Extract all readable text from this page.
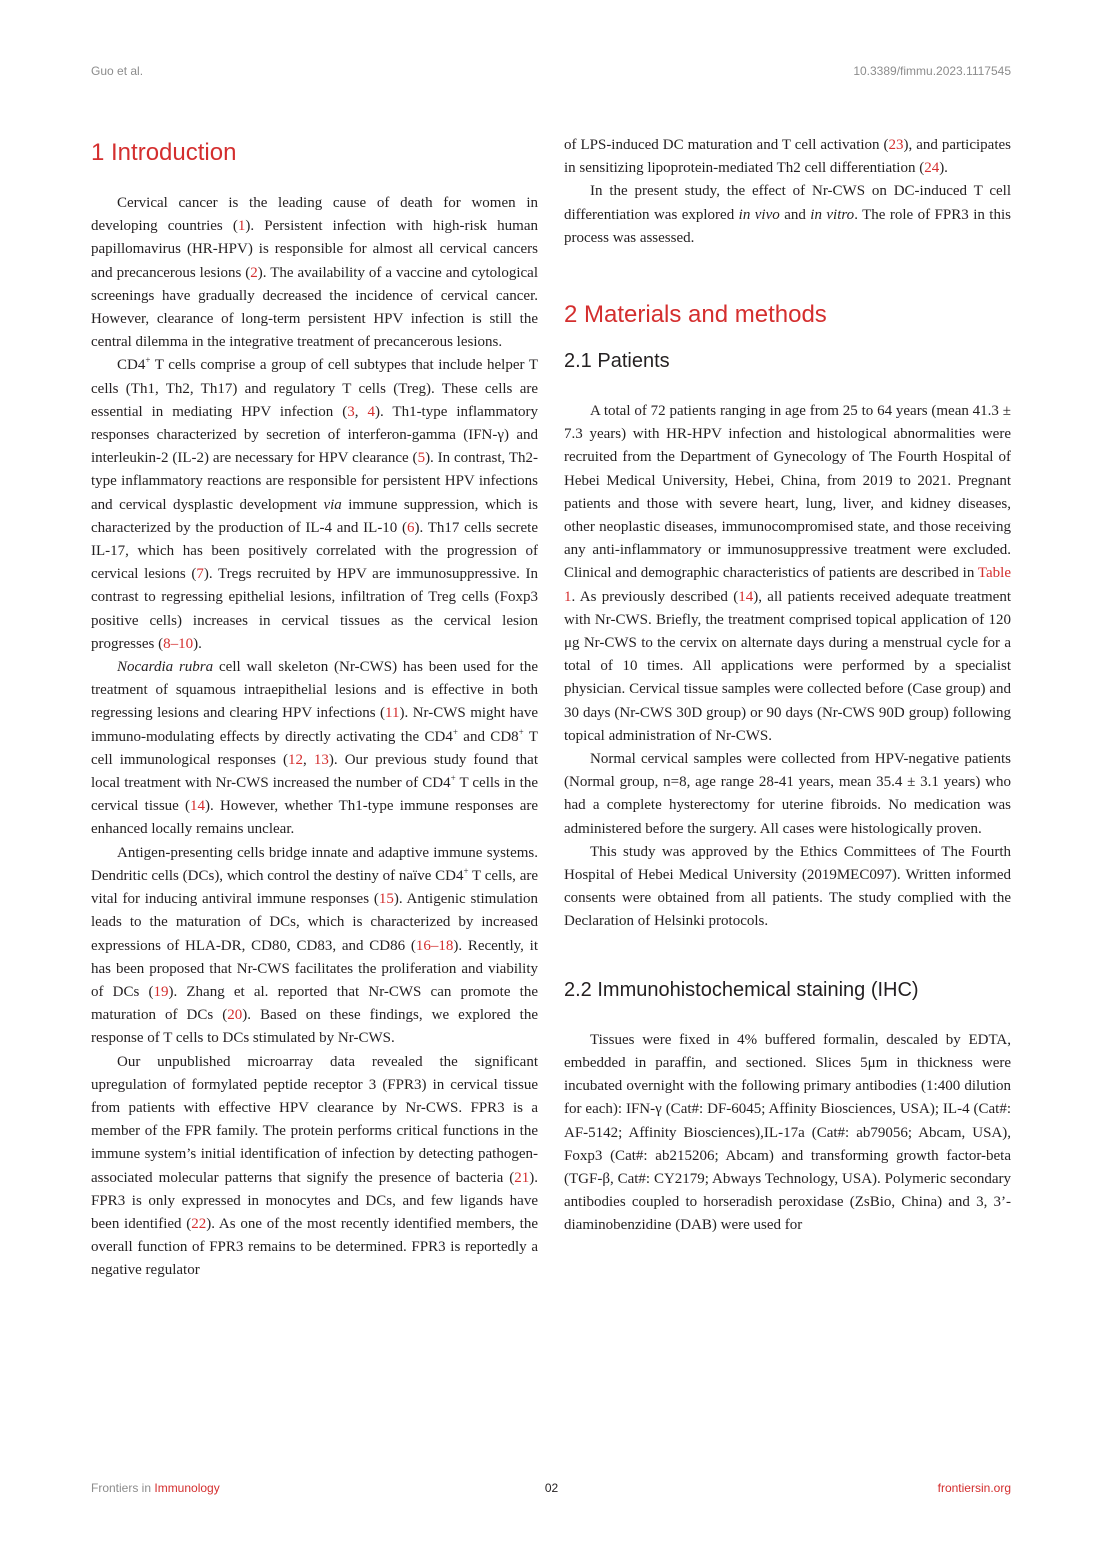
Guo et al.	10.3389/fimmu.2023.1117545
1 Introduction

Cervical cancer is the leading cause of death for women in developing countries (1). Persistent infection with high-risk human papillomavirus (HR-HPV) is responsible for almost all cervical cancers and precancerous lesions (2). The availability of a vaccine and cytological screenings have gradually decreased the incidence of cervical cancer. However, clearance of long-term persistent HPV infection is still the central dilemma in the integrative treatment of precancerous lesions.

CD4+ T cells comprise a group of cell subtypes that include helper T cells (Th1, Th2, Th17) and regulatory T cells (Treg). These cells are essential in mediating HPV infection (3, 4). Th1-type inflammatory responses characterized by secretion of interferon-gamma (IFN-γ) and interleukin-2 (IL-2) are necessary for HPV clearance (5). In contrast, Th2-type inflammatory reactions are responsible for persistent HPV infections and cervical dysplastic development via immune suppression, which is characterized by the production of IL-4 and IL-10 (6). Th17 cells secrete IL-17, which has been positively correlated with the progression of cervical lesions (7). Tregs recruited by HPV are immunosuppressive. In contrast to regressing epithelial lesions, infiltration of Treg cells (Foxp3 positive cells) increases in cervical tissues as the cervical lesion progresses (8–10).

Nocardia rubra cell wall skeleton (Nr-CWS) has been used for the treatment of squamous intraepithelial lesions and is effective in both regressing lesions and clearing HPV infections (11). Nr-CWS might have immuno-modulating effects by directly activating the CD4+ and CD8+ T cell immunological responses (12, 13). Our previous study found that local treatment with Nr-CWS increased the number of CD4+ T cells in the cervical tissue (14). However, whether Th1-type immune responses are enhanced locally remains unclear.

Antigen-presenting cells bridge innate and adaptive immune systems. Dendritic cells (DCs), which control the destiny of naïve CD4+ T cells, are vital for inducing antiviral immune responses (15). Antigenic stimulation leads to the maturation of DCs, which is characterized by increased expressions of HLA-DR, CD80, CD83, and CD86 (16–18). Recently, it has been proposed that Nr-CWS facilitates the proliferation and viability of DCs (19). Zhang et al. reported that Nr-CWS can promote the maturation of DCs (20). Based on these findings, we explored the response of T cells to DCs stimulated by Nr-CWS.

Our unpublished microarray data revealed the significant upregulation of formylated peptide receptor 3 (FPR3) in cervical tissue from patients with effective HPV clearance by Nr-CWS. FPR3 is a member of the FPR family. The protein performs critical functions in the immune system’s initial identification of infection by detecting pathogen-associated molecular patterns that signify the presence of bacteria (21). FPR3 is only expressed in monocytes and DCs, and few ligands have been identified (22). As one of the most recently identified members, the overall function of FPR3 remains to be determined. FPR3 is reportedly a negative regulator

of LPS-induced DC maturation and T cell activation (23), and participates in sensitizing lipoprotein-mediated Th2 cell differentiation (24).

In the present study, the effect of Nr-CWS on DC-induced T cell differentiation was explored in vivo and in vitro. The role of FPR3 in this process was assessed.

2 Materials and methods
2.1 Patients

A total of 72 patients ranging in age from 25 to 64 years (mean 41.3 ± 7.3 years) with HR-HPV infection and histological abnormalities were recruited from the Department of Gynecology of The Fourth Hospital of Hebei Medical University, Hebei, China, from 2019 to 2021. Pregnant patients and those with severe heart, lung, liver, and kidney diseases, other neoplastic diseases, immunocompromised state, and those receiving any anti-inflammatory or immunosuppressive treatment were excluded. Clinical and demographic characteristics of patients are described in Table 1. As previously described (14), all patients received adequate treatment with Nr-CWS. Briefly, the treatment comprised topical application of 120 μg Nr-CWS to the cervix on alternate days during a menstrual cycle for a total of 10 times. All applications were performed by a specialist physician. Cervical tissue samples were collected before (Case group) and 30 days (Nr-CWS 30D group) or 90 days (Nr-CWS 90D group) following topical administration of Nr-CWS.

Normal cervical samples were collected from HPV-negative patients (Normal group, n=8, age range 28-41 years, mean 35.4 ± 3.1 years) who had a complete hysterectomy for uterine fibroids. No medication was administered before the surgery. All cases were histologically proven.

This study was approved by the Ethics Committees of The Fourth Hospital of Hebei Medical University (2019MEC097). Written informed consents were obtained from all patients. The study complied with the Declaration of Helsinki protocols.

2.2 Immunohistochemical staining (IHC)

Tissues were fixed in 4% buffered formalin, descaled by EDTA, embedded in paraffin, and sectioned. Slices 5μm in thickness were incubated overnight with the following primary antibodies (1:400 dilution for each): IFN-γ (Cat#: DF-6045; Affinity Biosciences, USA); IL-4 (Cat#: AF-5142; Affinity Biosciences),IL-17a (Cat#: ab79056; Abcam, USA), Foxp3 (Cat#: ab215206; Abcam) and transforming growth factor-beta (TGF-β, Cat#: CY2179; Abways Technology, USA). Polymeric secondary antibodies coupled to horseradish peroxidase (ZsBio, China) and 3, 3’-diaminobenzidine (DAB) were used for

Frontiers in Immunology	02	frontiersin.org
